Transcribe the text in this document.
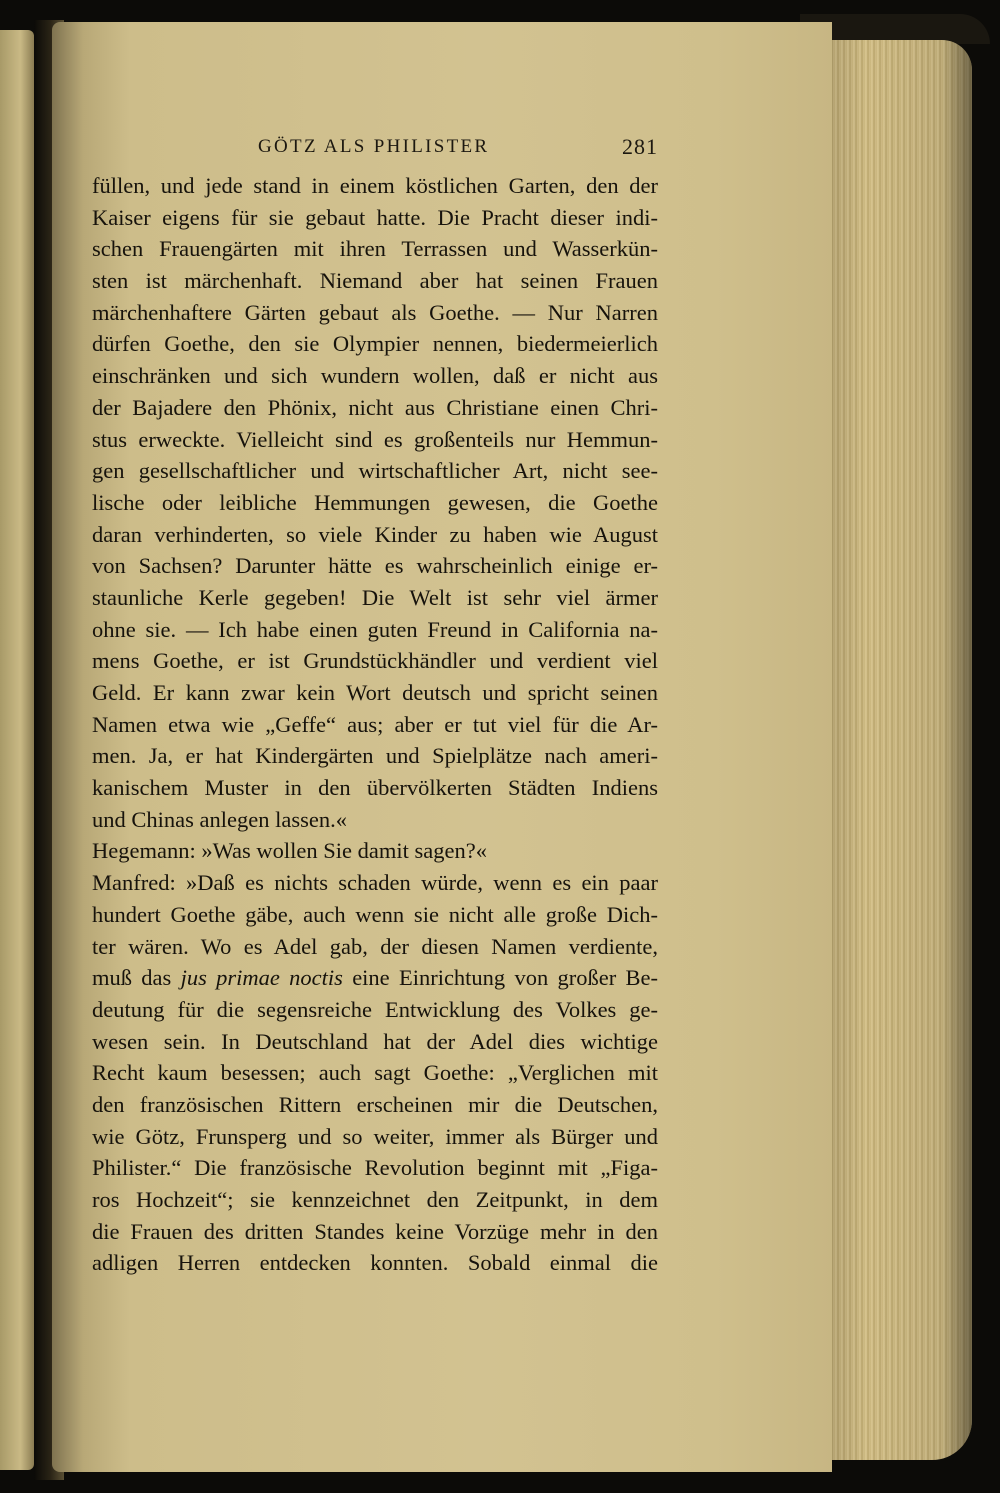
GÖTZ ALS PHILISTER	281
füllen, und jede stand in einem köstlichen Garten, den der
Kaiser eigens für sie gebaut hatte. Die Pracht dieser indi-
schen Frauengärten mit ihren Terrassen und Wasserkün-
sten ist märchenhaft. Niemand aber hat seinen Frauen
märchenhaftere Gärten gebaut als Goethe. — Nur Narren
dürfen Goethe, den sie Olympier nennen, biedermeierlich
einschränken und sich wundern wollen, daß er nicht aus
der Bajadere den Phönix, nicht aus Christiane einen Chri-
stus erweckte. Vielleicht sind es großenteils nur Hemmun-
gen gesellschaftlicher und wirtschaftlicher Art, nicht see-
lische oder leibliche Hemmungen gewesen, die Goethe
daran verhinderten, so viele Kinder zu haben wie August
von Sachsen? Darunter hätte es wahrscheinlich einige er-
staunliche Kerle gegeben! Die Welt ist sehr viel ärmer
ohne sie. — Ich habe einen guten Freund in California na-
mens Goethe, er ist Grundstückhändler und verdient viel
Geld. Er kann zwar kein Wort deutsch und spricht seinen
Namen etwa wie „Geffe“ aus; aber er tut viel für die Ar-
men. Ja, er hat Kindergärten und Spielplätze nach ameri-
kanischem Muster in den übervölkerten Städten Indiens
und Chinas anlegen lassen.«
Hegemann: »Was wollen Sie damit sagen?«
Manfred: »Daß es nichts schaden würde, wenn es ein paar
hundert Goethe gäbe, auch wenn sie nicht alle große Dich-
ter wären. Wo es Adel gab, der diesen Namen verdiente,
muß das jus primae noctis eine Einrichtung von großer Be-
deutung für die segensreiche Entwicklung des Volkes ge-
wesen sein. In Deutschland hat der Adel dies wichtige
Recht kaum besessen; auch sagt Goethe: „Verglichen mit
den französischen Rittern erscheinen mir die Deutschen,
wie Götz, Frunsperg und so weiter, immer als Bürger und
Philister.“ Die französische Revolution beginnt mit „Figa-
ros Hochzeit“; sie kennzeichnet den Zeitpunkt, in dem
die Frauen des dritten Standes keine Vorzüge mehr in den
adligen Herren entdecken konnten. Sobald einmal die
